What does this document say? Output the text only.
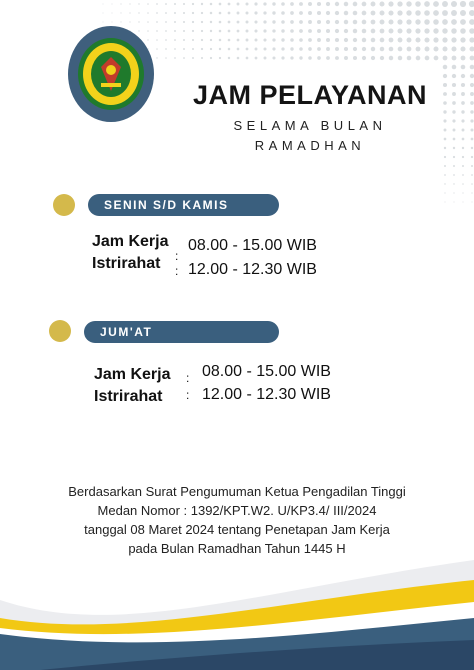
JAM PELAYANAN
SELAMA BULAN
RAMADHAN
SENIN S/D KAMIS
Jam Kerja
:
08.00 - 15.00 WIB
Istrirahat : 12.00 - 12.30 WIB
JUM'AT
Jam Kerja : 08.00 - 15.00 WIB
Istrirahat : 12.00 - 12.30 WIB
Berdasarkan Surat Pengumuman Ketua Pengadilan Tinggi
Medan Nomor : 1392/KPT.W2. U/KP3.4/ III/2024
tanggal 08 Maret 2024 tentang Penetapan Jam Kerja
pada Bulan Ramadhan Tahun 1445 H
